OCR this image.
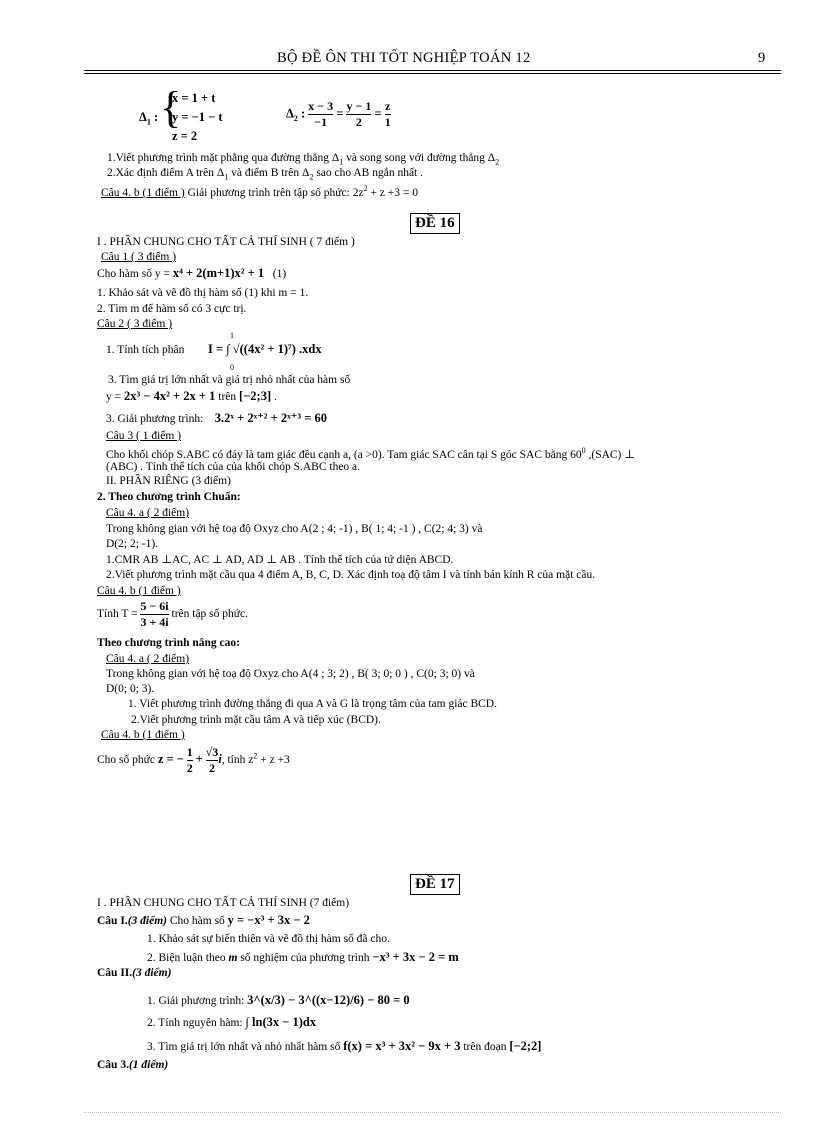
BỘ ĐỀ ÔN THI TỐT NGHIỆP TOÁN 12	9
$\Delta_1$ : {
x = 1 + t
y = −1 − t
z = 2
$\Delta_2$ : $\frac{x - 3}{-1} = \frac{y - 1}{2} = \frac{z}{1}$
1.Viết phương trình mặt phẳng qua đường thẳng $\Delta_1$ và song song với đường thẳng $\Delta_2$
2.Xác định điểm A trên $\Delta_1$ và điểm B trên $\Delta_2$ sao cho AB ngắn nhất .
Câu 4. b (1 điểm ) Giải phương trình trên tập số phức: $2z^2 + z +3 = 0$
ĐỀ 16
I . PHẦN CHUNG CHO TẤT CẢ THÍ SINH ( 7 điểm )
Câu 1 ( 3 điểm )
Cho hàm số y = x⁴ + 2(m+1)x² + 1 (1)
1. Khảo sát và vẽ đồ thị hàm số (1) khi m = 1.
2. Tìm m để hàm số có 3 cực trị.
Câu 2 ( 3 điểm )
1. Tính tích phân
1
0
I = ∫ √((4x² + 1)⁷) .xdx
3. Tìm giá trị lớn nhất và giá trị nhỏ nhất của hàm số
y = 2x³ − 4x² + 2x + 1 trên [−2;3] .
3. Giải phương trình: 3.2ˣ + 2ˣ⁺² + 2ˣ⁺³ = 60
Câu 3 ( 1 điểm )
Cho khối chóp S.ABC có đáy là tam giác đều cạnh a, (a >0). Tam giác SAC cân tại S góc SAC bằng $60^0$ ,(SAC) ⊥
(ABC) . Tính thể tích của của khối chóp S.ABC theo a.
II. PHẦN RIÊNG (3 điểm)
2. Theo chương trình Chuẩn:
Câu 4. a ( 2 điểm)
Trong không gian với hệ toạ độ Oxyz cho A(2 ; 4; -1) , B( 1; 4; -1 ) , C(2; 4; 3) và
D(2; 2; -1).
1.CMR AB ⊥AC, AC ⊥ AD, AD ⊥ AB . Tính thể tích của tứ diện ABCD.
2.Viết phương trình mặt cầu qua 4 điểm A, B, C, D. Xác định toạ độ tâm I và tính bán kính R của mặt cầu.
Câu 4. b (1 điểm )
Tính $T = \frac{5 - 6i}{3 + 4i}$ trên tập số phức.
Theo chương trình nâng cao:
Câu 4. a ( 2 điểm)
Trong không gian với hệ toạ độ Oxyz cho A(4 ; 3; 2) , B( 3; 0; 0 ) , C(0; 3; 0) và
D(0; 0; 3).
1. Viết phương trình đường thẳng đi qua A và G là trọng tâm của tam giác BCD.
2.Viết phương trình mặt cầu tâm A và tiếp xúc (BCD).
Câu 4. b (1 điểm )
Cho số phức z = − $\frac{1}{2} + \frac{√3}{2} i$, tính $z^2 + z +3$
ĐỀ 17
I . PHẦN CHUNG CHO TẤT CẢ THÍ SINH (7 điểm)
Câu I.(3 điểm) Cho hàm số y = −x³ + 3x − 2
1. Khảo sát sự biến thiên và vẽ đồ thị hàm số đã cho.
2. Biện luận theo m số nghiệm của phương trình −x³ + 3x − 2 = m
Câu II.(3 điểm)
1. Giải phương trình: 3^(x/3) − 3^((x−12)/6) − 80 = 0
2. Tính nguyên hàm: ∫ ln(3x − 1)dx
3. Tìm giá trị lớn nhất và nhỏ nhất hàm số f(x) = x³ + 3x² − 9x + 3 trên đoạn [−2;2]
Câu 3.(1 điểm)
